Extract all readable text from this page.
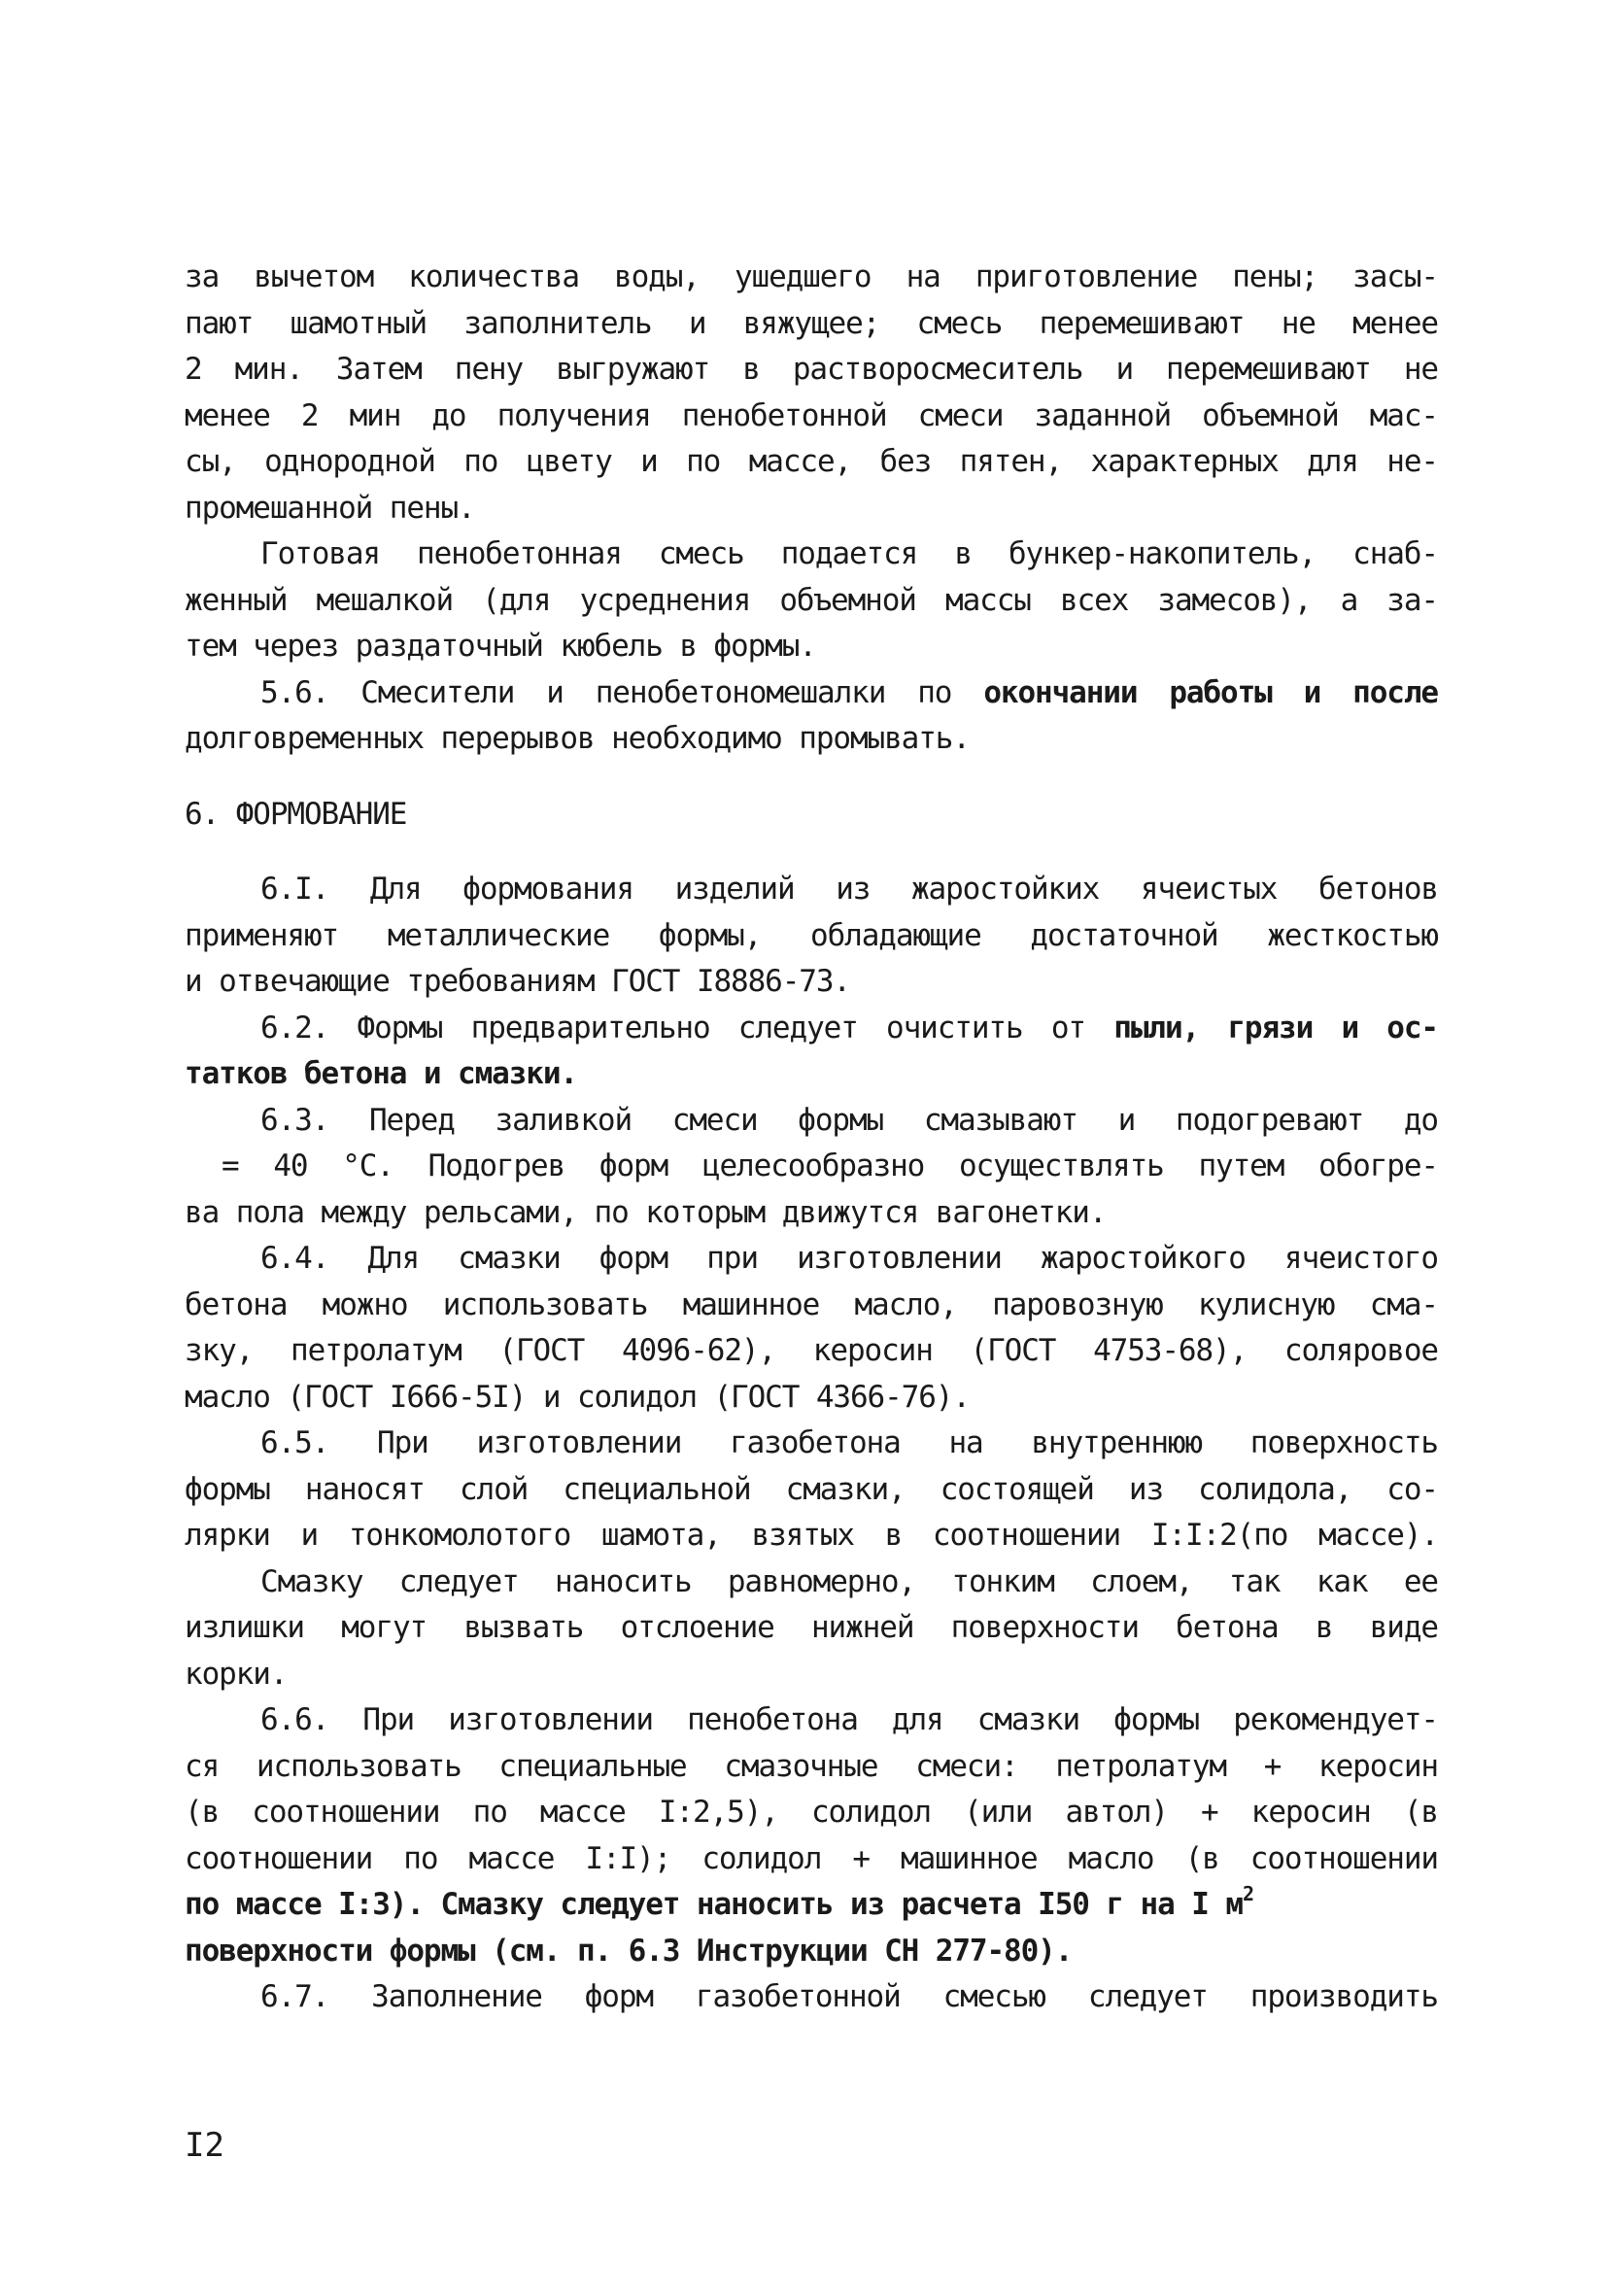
за вычетом количества воды, ушедшего на приготовление пены; засы-
пают шамотный заполнитель и вяжущее; смесь перемешивают не менее
2 мин. Затем пену выгружают в растворосмеситель и перемешивают не
менее 2 мин до получения пенобетонной смеси заданной объемной мас-
сы, однородной по цвету и по массе, без пятен, характерных для не-
промешанной пены.
Готовая пенобетонная смесь подается в бункер-накопитель, снаб-
женный мешалкой (для усреднения объемной массы всех замесов), а за-
тем через раздаточный кюбель в формы.
5.6. Смесители и пенобетономешалки по окончании работы и после
долговременных перерывов необходимо промывать.
6. ФОРМОВАНИЕ
6.I. Для формования изделий из жаростойких ячеистых бетонов
применяют металлические формы, обладающие достаточной жесткостью
и отвечающие требованиям ГОСТ I8886-73.
6.2. Формы предварительно следует очистить от пыли, грязи и ос-
татков бетона и смазки.
6.3. Перед заливкой смеси формы смазывают и подогревают до
= 40 °С. Подогрев форм целесообразно осуществлять путем обогре-
ва пола между рельсами, по которым движутся вагонетки.
6.4. Для смазки форм при изготовлении жаростойкого ячеистого
бетона можно использовать машинное масло, паровозную кулисную сма-
зку, петролатум (ГОСТ 4096-62), керосин (ГОСТ 4753-68), соляровое
масло (ГОСТ I666-5I) и солидол (ГОСТ 4366-76).
6.5. При изготовлении газобетона на внутреннюю поверхность
формы наносят слой специальной смазки, состоящей из солидола, со-
лярки и тонкомолотого шамота, взятых в соотношении I:I:2(по массе).
Смазку следует наносить равномерно, тонким слоем, так как ее
излишки могут вызвать отслоение нижней поверхности бетона в виде
корки.
6.6. При изготовлении пенобетона для смазки формы рекомендует-
ся использовать специальные смазочные смеси: петролатум + керосин
(в соотношении по массе I:2,5), солидол (или автол) + керосин (в
соотношении по массе I:I); солидол + машинное масло (в соотношении
по массе I:3). Смазку следует наносить из расчета I50 г на I $м^2$
поверхности формы (см. п. 6.3 Инструкции СН 277-80).
6.7. Заполнение форм газобетонной смесью следует производить
I2
